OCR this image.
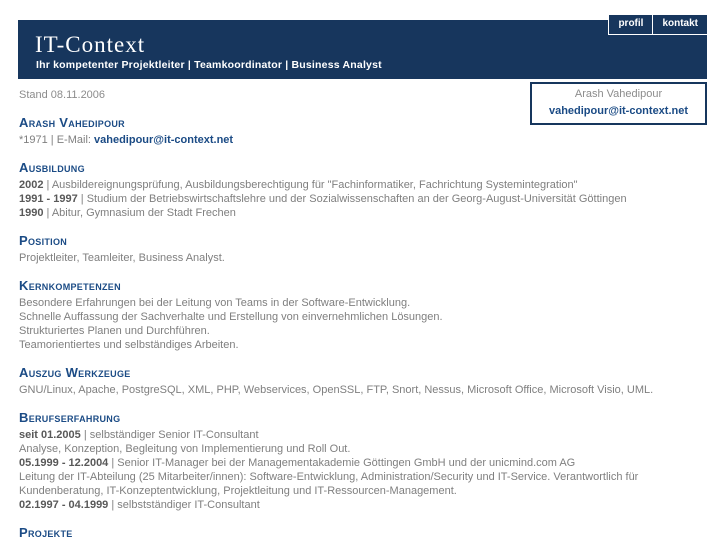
profil	kontakt
IT-Context
Ihr kompetenter Projektleiter | Teamkoordinator | Business Analyst
Stand 08.11.2006	Arash Vahedipour
vahedipour@it-context.net
Arash Vahedipour
*1971 | E-Mail: vahedipour@it-context.net
Ausbildung
2002 | Ausbildereignungsprüfung, Ausbildungsberechtigung für "Fachinformatiker, Fachrichtung Systemintegration"
1991 - 1997 | Studium der Betriebswirtschaftslehre und der Sozialwissenschaften an der Georg-August-Universität Göttingen
1990 | Abitur, Gymnasium der Stadt Frechen
Position
Projektleiter, Teamleiter, Business Analyst.
Kernkompetenzen
Besondere Erfahrungen bei der Leitung von Teams in der Software-Entwicklung.
Schnelle Auffassung der Sachverhalte und Erstellung von einvernehmlichen Lösungen.
Strukturiertes Planen und Durchführen.
Teamorientiertes und selbständiges Arbeiten.
Auszug Werkzeuge
GNU/Linux, Apache, PostgreSQL, XML, PHP, Webservices, OpenSSL, FTP, Snort, Nessus, Microsoft Office, Microsoft Visio, UML.
Berufserfahrung
seit 01.2005 | selbständiger Senior IT-Consultant
Analyse, Konzeption, Begleitung von Implementierung und Roll Out.
05.1999 - 12.2004 | Senior IT-Manager bei der Managementakademie Göttingen GmbH und der unicmind.com AG
Leitung der IT-Abteilung (25 Mitarbeiter/innen): Software-Entwicklung, Administration/Security und IT-Service. Verantwortlich für Kundenberatung, IT-Konzeptentwicklung, Projektleitung und IT-Ressourcen-Management.
02.1997 - 04.1999 | selbstständiger IT-Consultant
Projekte
